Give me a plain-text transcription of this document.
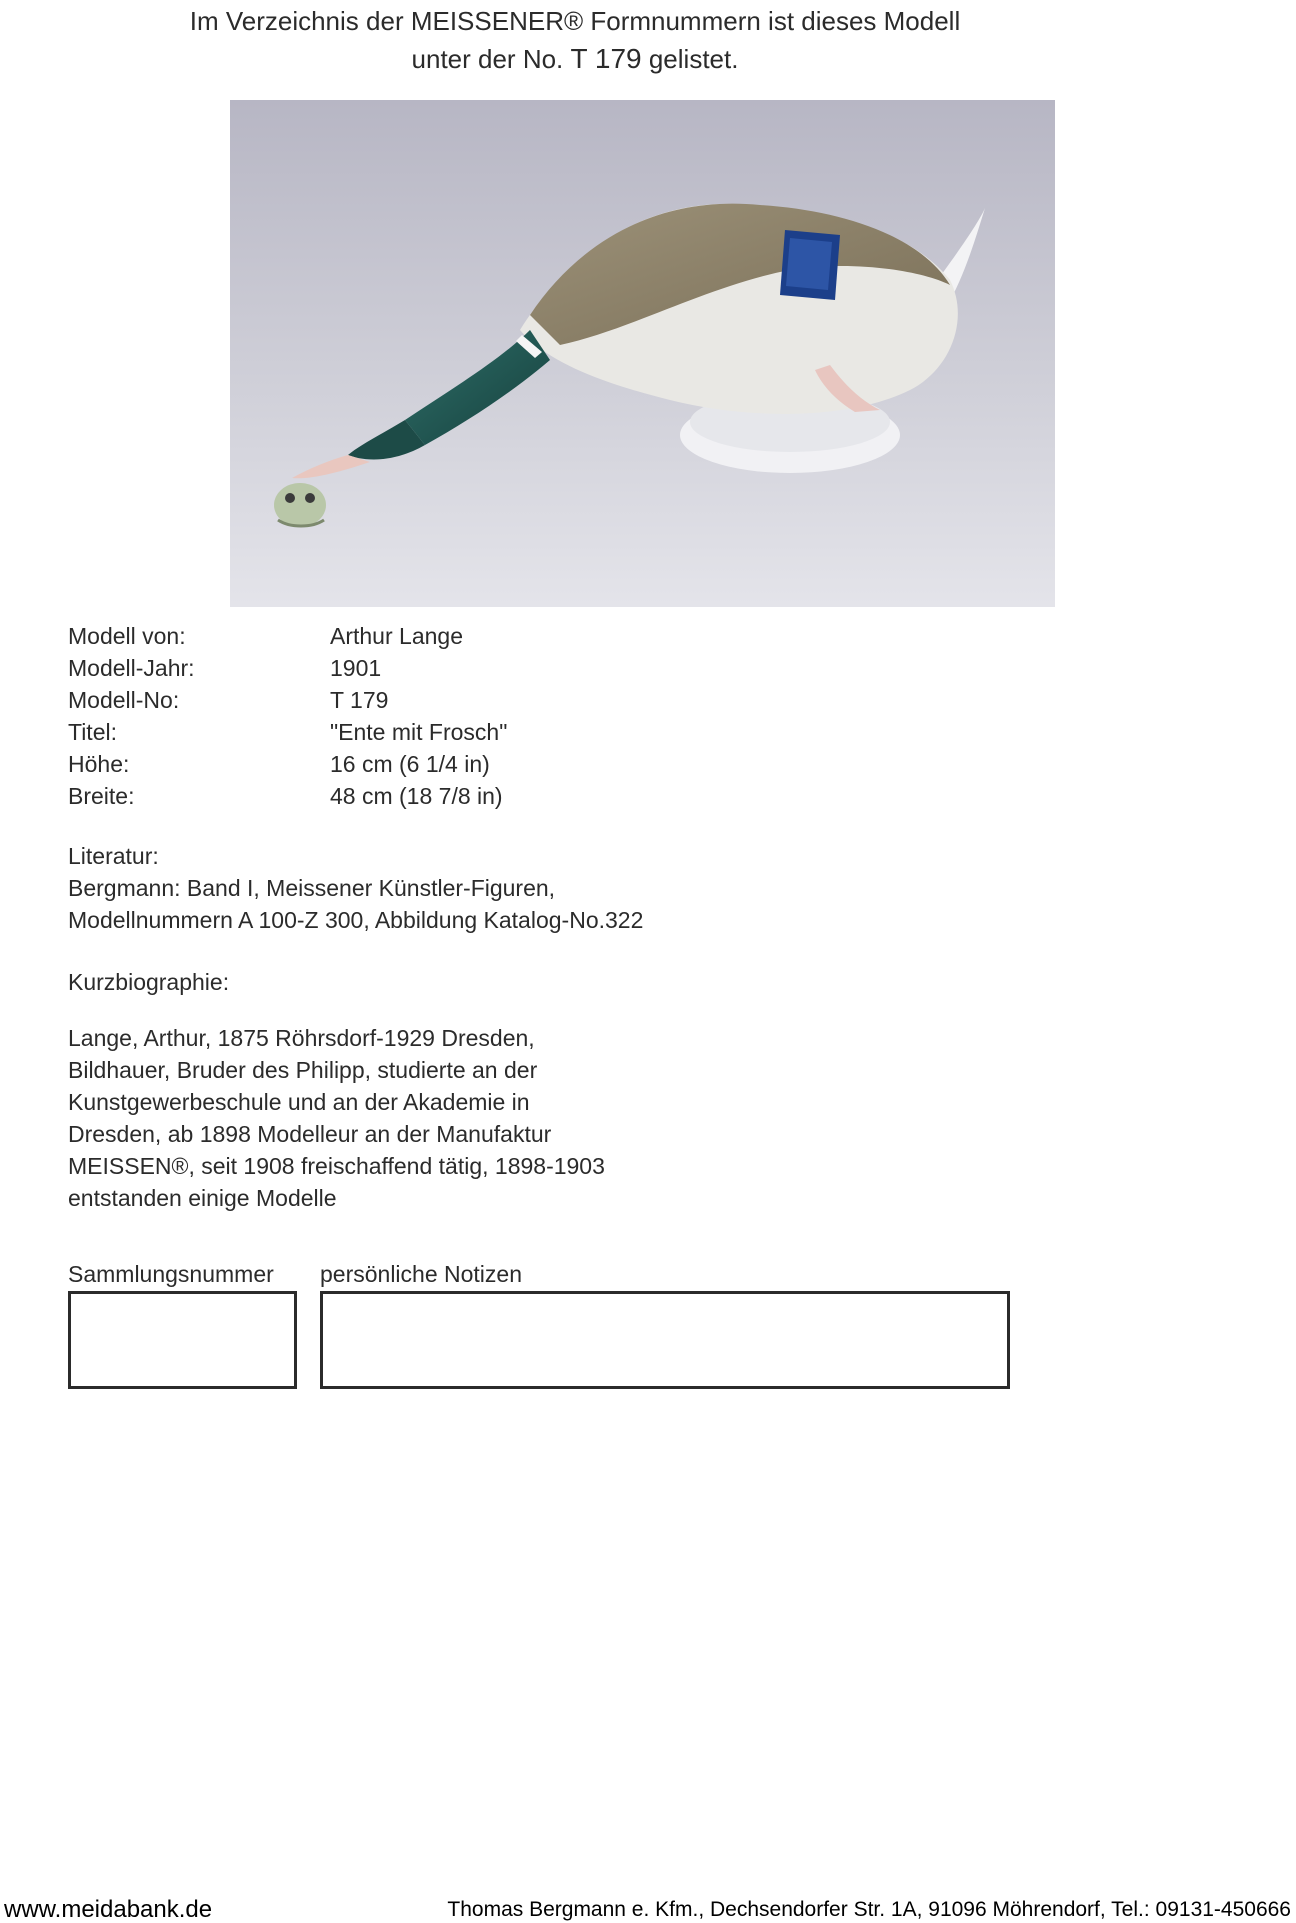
Im Verzeichnis der MEISSENER® Formnummern ist dieses Modell
unter der No. T 179 gelistet.
Modell von:	Arthur Lange
Modell-Jahr:	1901
Modell-No:	T 179
Titel:	"Ente mit Frosch"
Höhe:	16 cm (6 1/4 in)
Breite:	48 cm (18 7/8 in)

Literatur:

Bergmann: Band I, Meissener Künstler-Figuren,

Modellnummern A 100-Z 300, Abbildung Katalog-No.322

Kurzbiographie:

Lange, Arthur, 1875 Röhrsdorf-1929 Dresden,

Bildhauer, Bruder des Philipp, studierte an der

Kunstgewerbeschule und an der Akademie in

Dresden, ab 1898 Modelleur an der Manufaktur

MEISSEN®, seit 1908 freischaffend tätig, 1898-1903

entstanden einige Modelle

Sammlungsnummer persönliche Notizen
www.meidabank.de	Thomas Bergmann e. Kfm., Dechsendorfer Str. 1A, 91096 Möhrendorf, Tel.: 09131-450666
